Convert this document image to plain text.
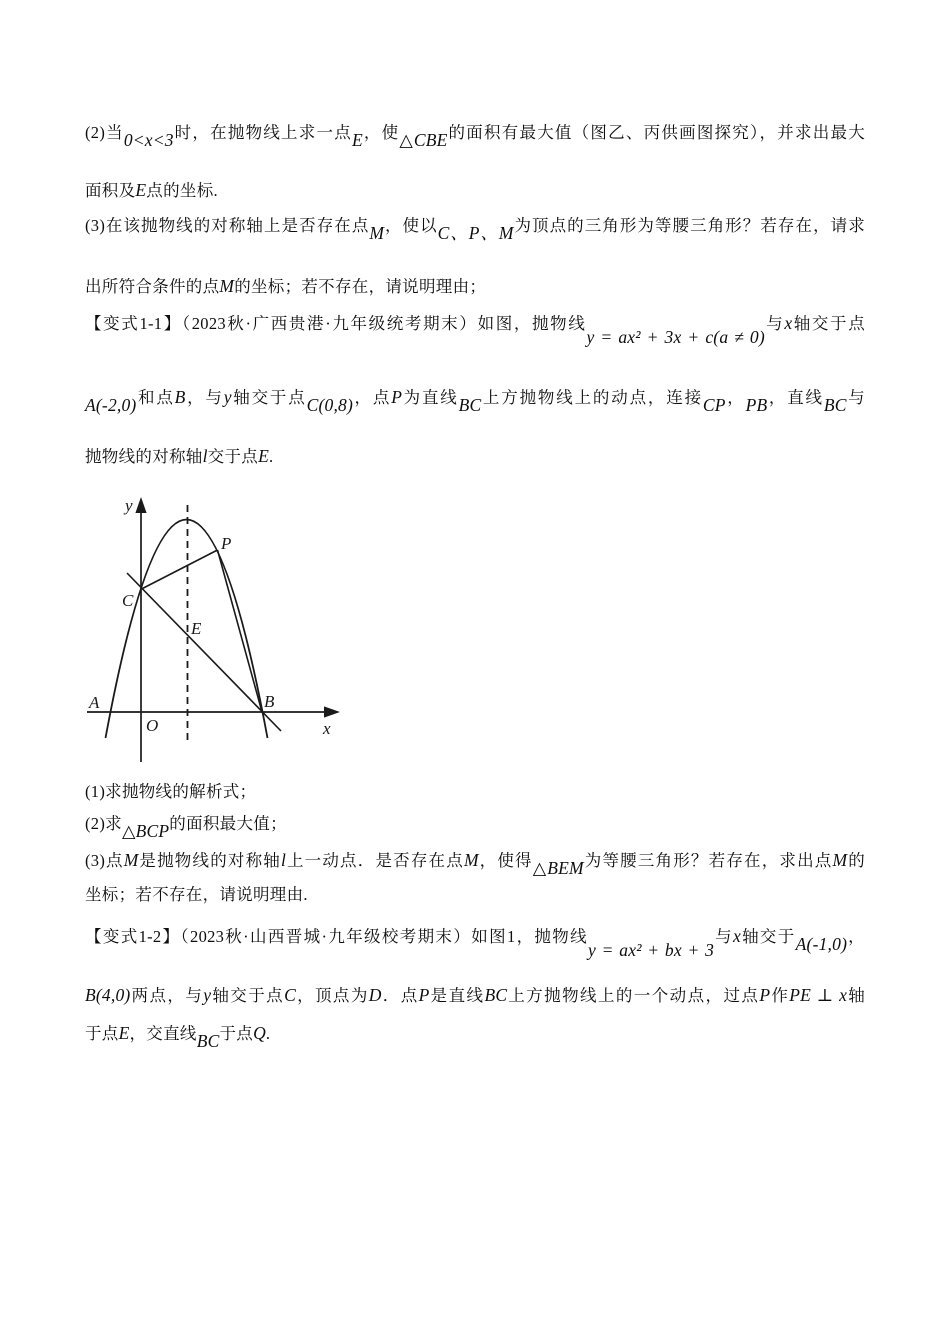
(2)当0<x<3时，在抛物线上求一点E，使△CBE的面积有最大值（图乙、丙供画图探究），并求出最大

面积及E点的坐标.

(3)在该抛物线的对称轴上是否存在点M，使以C、P、M为顶点的三角形为等腰三角形？若存在，请求

出所符合条件的点M的坐标；若不存在，请说明理由；

【变式1-1】（2023秋·广西贵港·九年级统考期末）如图，抛物线y = ax² + 3x + c(a ≠ 0)与x轴交于点

A(-2,0)和点B，与y轴交于点C(0,8)，点P为直线BC上方抛物线上的动点，连接CP，PB，直线BC与

抛物线的对称轴l交于点E.

y
x
O
A	B
C
E
P

(1)求抛物线的解析式；

(2)求△BCP的面积最大值；

(3)点M是抛物线的对称轴l上一动点．是否存在点M，使得△BEM为等腰三角形？若存在，求出点M的

坐标；若不存在，请说明理由.

【变式1-2】（2023秋·山西晋城·九年级校考期末）如图1，抛物线y = ax² + bx + 3与x轴交于A(-1,0)，

B(4,0)两点，与y轴交于点C，顶点为D．点P是直线BC上方抛物线上的一个动点，过点P作PE ⊥ x轴

于点E，交直线BC于点Q.
